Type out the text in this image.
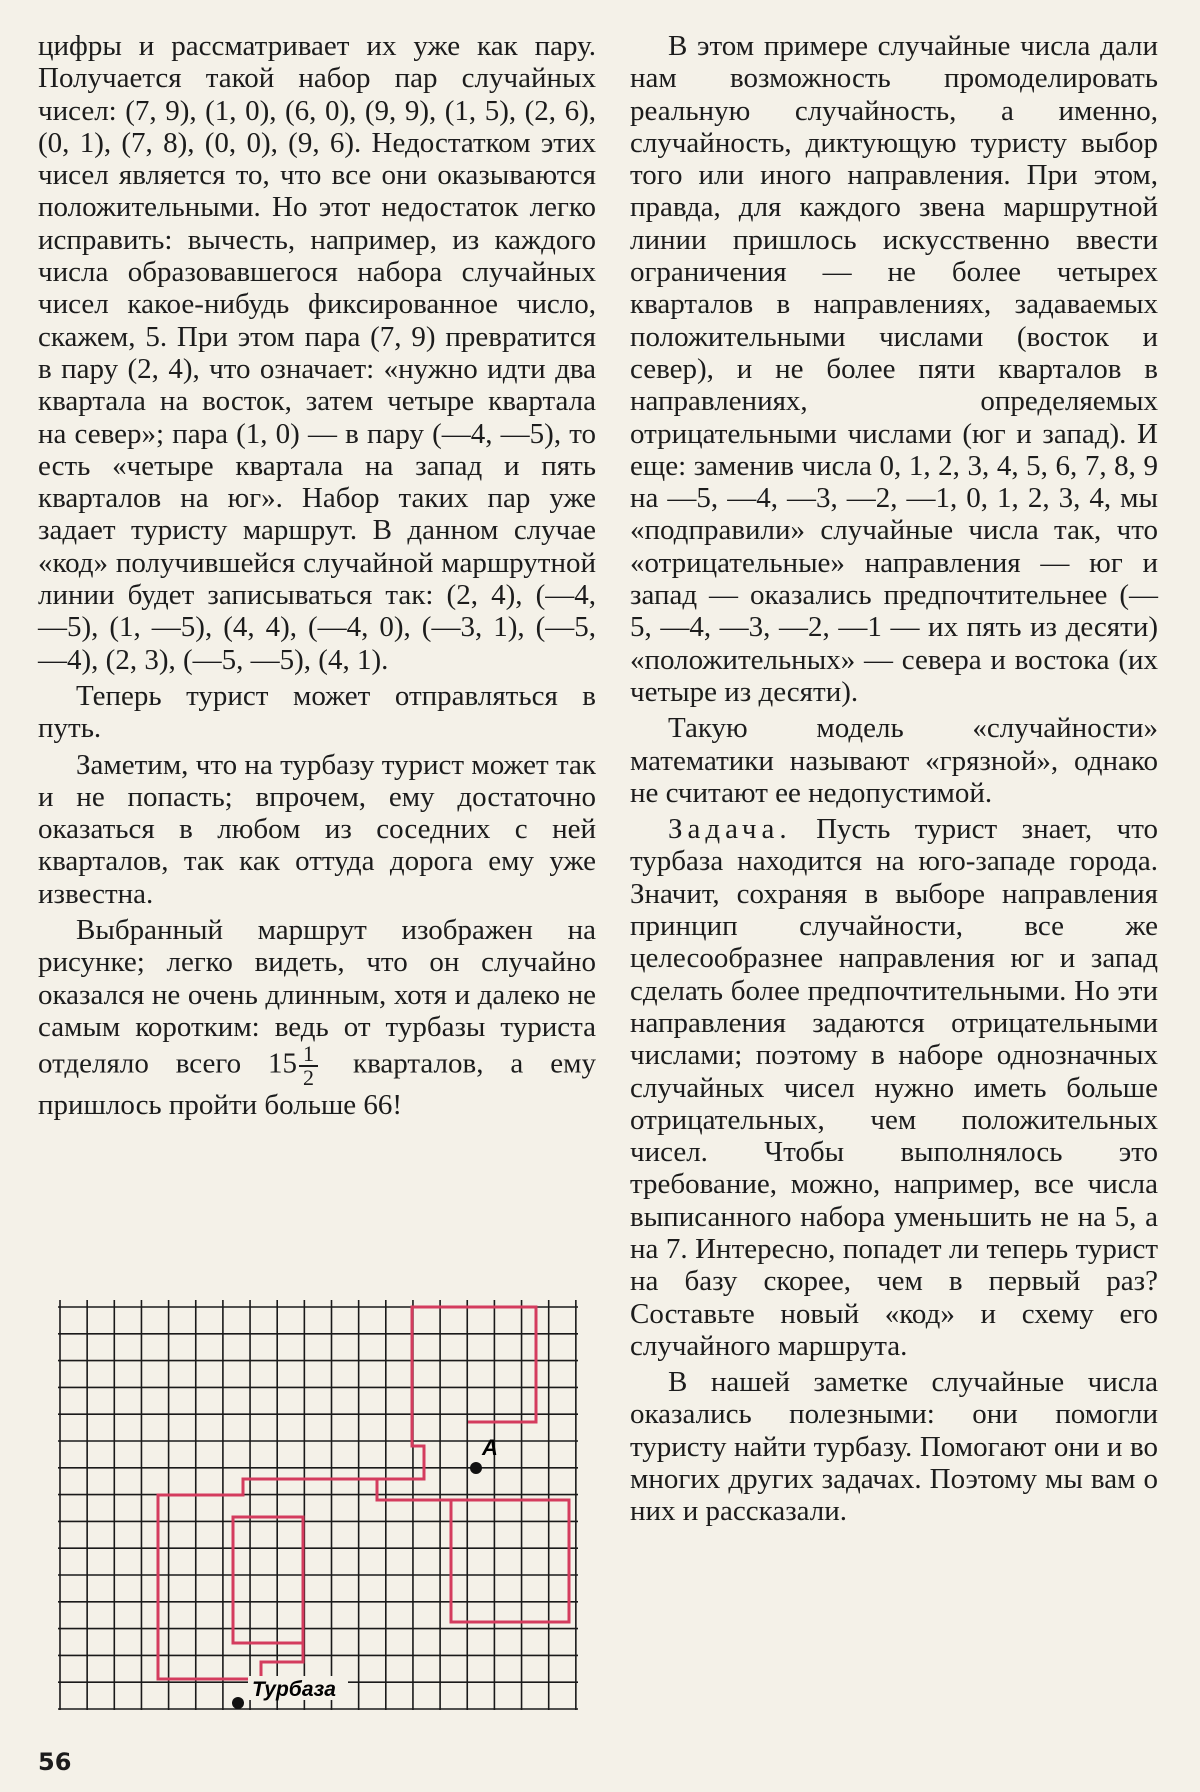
цифры и рассматривает их уже как пару. Получается такой набор пар случайных чисел: (7, 9), (1, 0), (6, 0), (9, 9), (1, 5), (2, 6), (0, 1), (7, 8), (0, 0), (9, 6). Недостатком этих чисел является то, что все они оказываются положительными. Но этот недостаток легко исправить: вычесть, например, из каждого числа образовавшегося набора случайных чисел какое-нибудь фиксированное число, скажем, 5. При этом пара (7, 9) превратится в пару (2, 4), что означает: «нужно идти два квартала на восток, затем четыре квартала на север»; пара (1, 0) — в пару (—4, —5), то есть «четыре квартала на запад и пять кварталов на юг». Набор таких пар уже задает туристу маршрут. В данном случае «код» получившейся случайной маршрутной линии будет записываться так: (2, 4), (—4, —5), (1, —5), (4, 4), (—4, 0), (—3, 1), (—5, —4), (2, 3), (—5, —5), (4, 1).

Теперь турист может отправляться в путь.

Заметим, что на турбазу турист может так и не попасть; впрочем, ему достаточно оказаться в любом из соседних с ней кварталов, так как оттуда дорога ему уже известна.

Выбранный маршрут изображен на рисунке; легко видеть, что он случайно оказался не очень длинным, хотя и далеко не самым коротким: ведь от турбазы туриста отделяло всего $15 \frac{1}{2}$ кварталов, а ему пришлось пройти больше 66!

В этом примере случайные числа дали нам возможность промоделировать реальную случайность, а именно, случайность, диктующую туристу выбор того или иного направления. При этом, правда, для каждого звена маршрутной линии пришлось искусственно ввести ограничения — не более четырех кварталов в направлениях, задаваемых положительными числами (восток и север), и не более пяти кварталов в направлениях, определяемых отрицательными числами (юг и запад). И еще: заменив числа 0, 1, 2, 3, 4, 5, 6, 7, 8, 9 на —5, —4, —3, —2, —1, 0, 1, 2, 3, 4, мы «подправили» случайные числа так, что «отрицательные» направления — юг и запад — оказались предпочтительнее (—5, —4, —3, —2, —1 — их пять из десяти) «положительных» — севера и востока (их четыре из десяти).

Такую модель «случайности» математики называют «грязной», однако не считают ее недопустимой.

Задача. Пусть турист знает, что турбаза находится на юго-западе города. Значит, сохраняя в выборе направления принцип случайности, все же целесообразнее направления юг и запад сделать более предпочтительными. Но эти направления задаются отрицательными числами; поэтому в наборе однозначных случайных чисел нужно иметь больше отрицательных, чем положительных чисел. Чтобы выполнялось это требование, можно, например, все числа выписанного набора уменьшить не на 5, а на 7. Интересно, попадет ли теперь турист на базу скорее, чем в первый раз? Составьте новый «код» и схему его случайного маршрута.

В нашей заметке случайные числа оказались полезными: они помогли туристу найти турбазу. Помогают они и во многих других задачах. Поэтому мы вам о них и рассказали.

A
Турбаза
56
